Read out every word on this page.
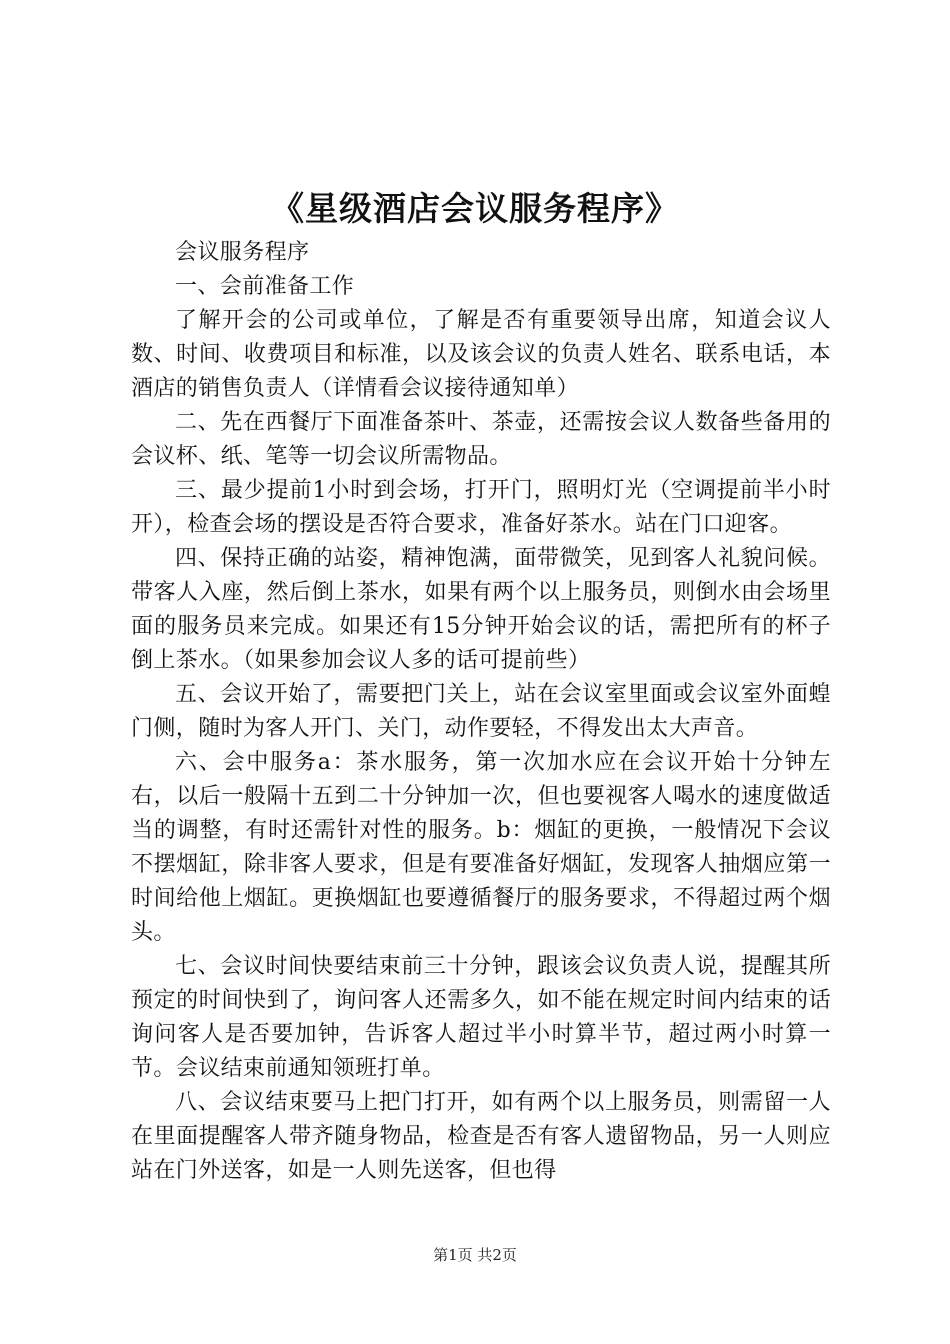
《星级酒店会议服务程序》

会议服务程序

一、会前准备工作

了解开会的公司或单位，了解是否有重要领导出席，知道会议人数、时间、收费项目和标准，以及该会议的负责人姓名、联系电话，本酒店的销售负责人（详情看会议接待通知单）

二、先在西餐厅下面准备茶叶、茶壶，还需按会议人数备些备用的会议杯、纸、笔等一切会议所需物品。

三、最少提前1小时到会场，打开门，照明灯光（空调提前半小时开），检查会场的摆设是否符合要求，准备好茶水。站在门口迎客。

四、保持正确的站姿，精神饱满，面带微笑，见到客人礼貌问候。带客人入座，然后倒上茶水，如果有两个以上服务员，则倒水由会场里面的服务员来完成。如果还有15分钟开始会议的话，需把所有的杯子倒上茶水。（如果参加会议人多的话可提前些）

五、会议开始了，需要把门关上，站在会议室里面或会议室外面蝗门侧，随时为客人开门、关门，动作要轻，不得发出太大声音。

六、会中服务a：茶水服务，第一次加水应在会议开始十分钟左右，以后一般隔十五到二十分钟加一次，但也要视客人喝水的速度做适当的调整，有时还需针对性的服务。b：烟缸的更换，一般情况下会议不摆烟缸，除非客人要求，但是有要准备好烟缸，发现客人抽烟应第一时间给他上烟缸。更换烟缸也要遵循餐厅的服务要求，不得超过两个烟头。

七、会议时间快要结束前三十分钟，跟该会议负责人说，提醒其所预定的时间快到了，询问客人还需多久，如不能在规定时间内结束的话询问客人是否要加钟，告诉客人超过半小时算半节，超过两小时算一节。会议结束前通知领班打单。

八、会议结束要马上把门打开，如有两个以上服务员，则需留一人在里面提醒客人带齐随身物品，检查是否有客人遗留物品，另一人则应站在门外送客，如是一人则先送客，但也得

第1页 共2页
